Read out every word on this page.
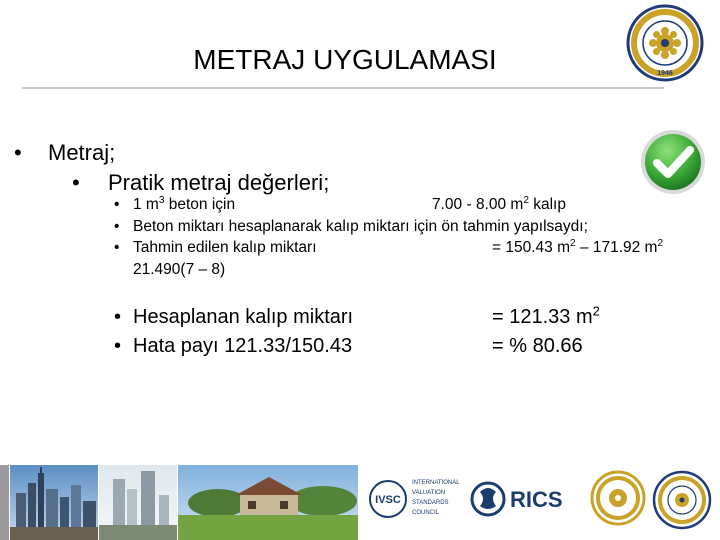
METRAJ UYGULAMASI	1946
• Metraj;
• Pratik metraj değerleri;
• 1 $m^3$ beton için	7.00 - 8.00 $m^2$ kalıp
• Beton miktarı hesaplanarak kalıp miktarı için ön tahmin yapılsaydı;
• Tahmin edilen kalıp miktarı	= 150.43 $m^2 - 171.92$ $m^2$
21.490(7 – 8)
• Hesaplanan kalıp miktarı	= 121.33 $m^2$
• Hata payı 121.33/150.43	= % 80.66
IVSC
INTERNATIONAL
VALUATION
STANDARDS
COUNCIL
RICS
